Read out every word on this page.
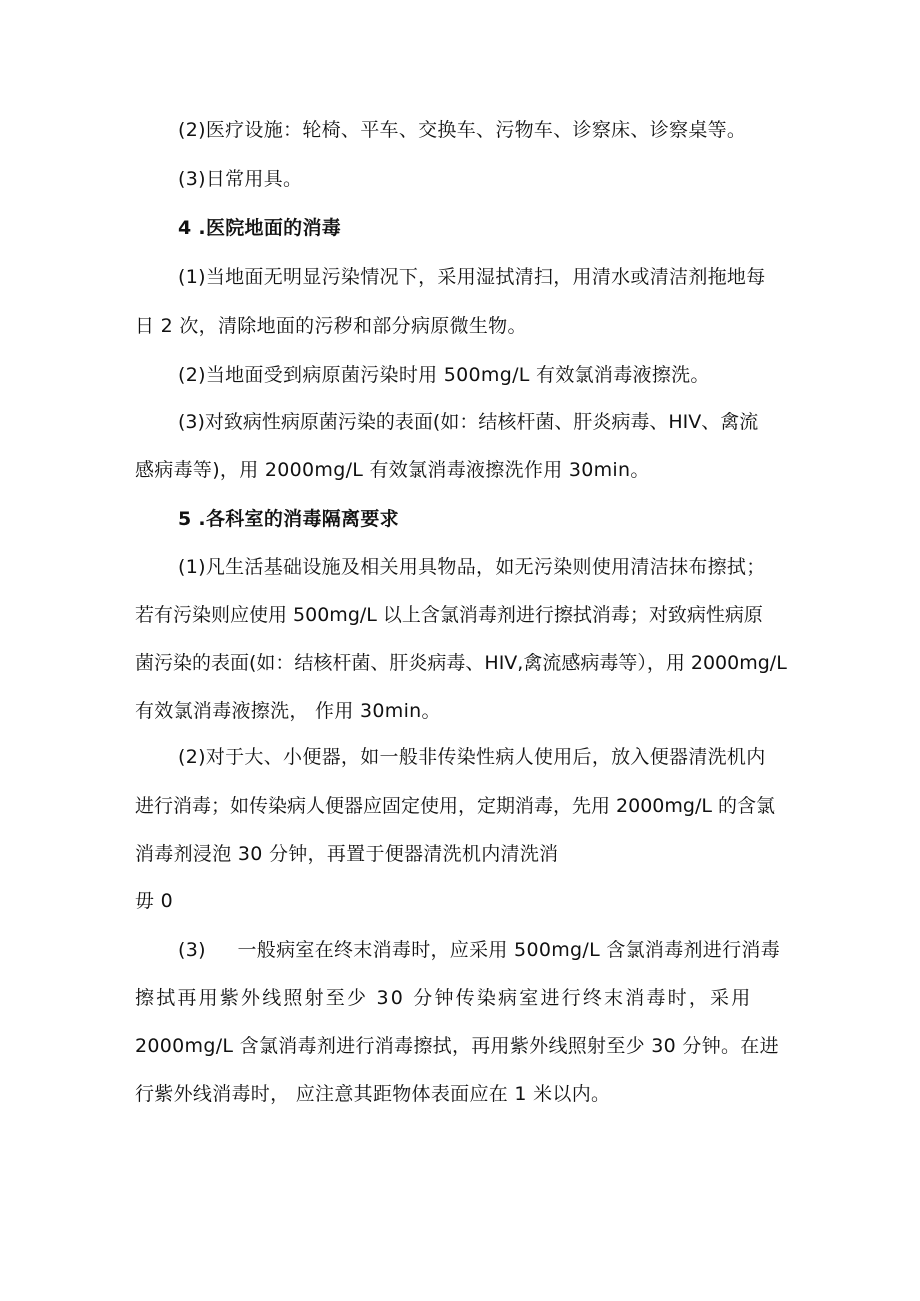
(2)医疗设施：轮椅、平车、交换车、污物车、诊察床、诊察桌等。

(3)日常用具。

4 .医院地面的消毒

(1)当地面无明显污染情况下，采用湿拭清扫，用清水或清洁剂拖地每

日 2 次，清除地面的污秽和部分病原微生物。

(2)当地面受到病原菌污染时用 500mg/L 有效氯消毒液擦洗。

(3)对致病性病原菌污染的表面(如：结核杆菌、肝炎病毒、HIV、禽流

感病毒等)，用 2000mg/L 有效氯消毒液擦洗作用 30min。

5 .各科室的消毒隔离要求

(1)凡生活基础设施及相关用具物品，如无污染则使用清洁抹布擦拭；

若有污染则应使用 500mg/L 以上含氯消毒剂进行擦拭消毒；对致病性病原

菌污染的表面(如：结核杆菌、肝炎病毒、HIV,禽流感病毒等），用 2000mg/L

有效氯消毒液擦洗， 作用 30min。

(2)对于大、小便器，如一般非传染性病人使用后，放入便器清洗机内

进行消毒；如传染病人便器应固定使用，定期消毒，先用 2000mg/L 的含氯

消毒剂浸泡 30 分钟，再置于便器清洗机内清洗消

毋 0

(3)     一般病室在终末消毒时，应采用 500mg/L 含氯消毒剂进行消毒

擦拭再用紫外线照射至少 30 分钟传染病室进行终末消毒时，采用

2000mg/L 含氯消毒剂进行消毒擦拭，再用紫外线照射至少 30 分钟。在进

行紫外线消毒时， 应注意其距物体表面应在 1 米以内。
